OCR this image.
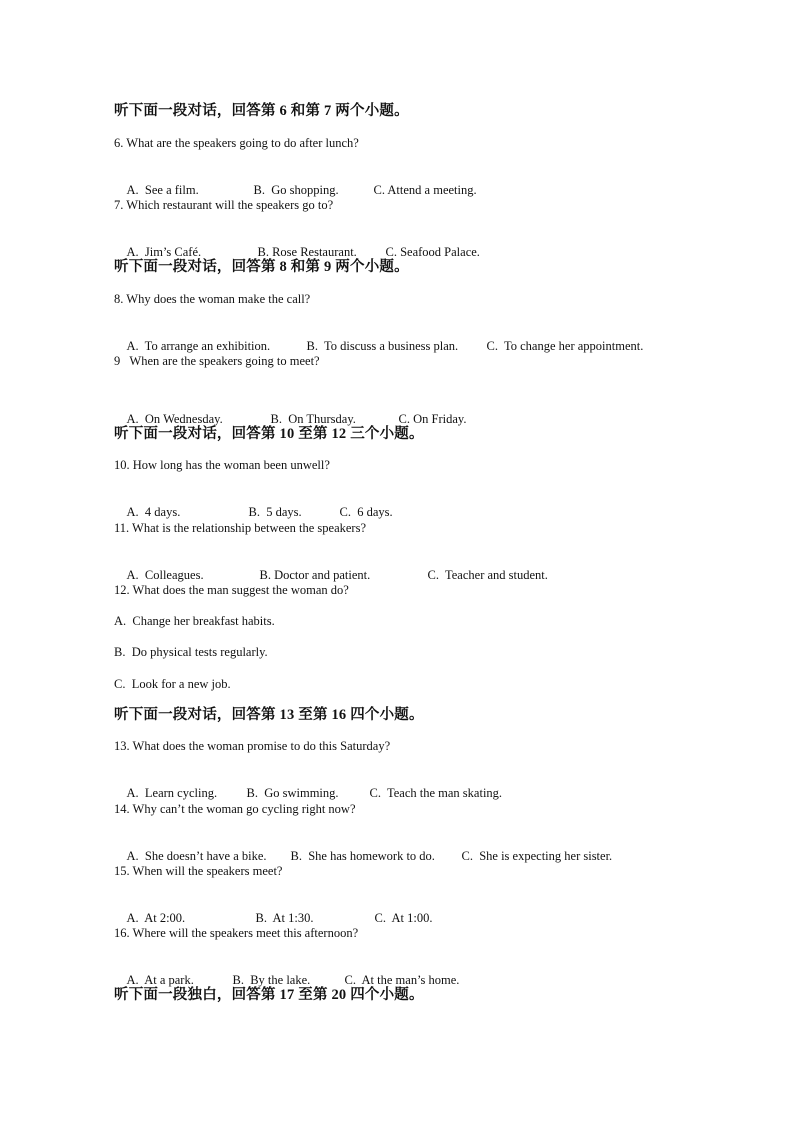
听下面一段对话，回答第 6 和第 7 两个小题。
6. What are the speakers going to do after lunch?

A.  See a film.	B.  Go shopping.	C. Attend a meeting.

7. Which restaurant will the speakers go to?

A.  Jim’s Café.	B. Rose Restaurant. C. Seafood Palace.

听下面一段对话，回答第 8 和第 9 两个小题。
8. Why does the woman make the call?

A.  To arrange an exhibition.	B.  To discuss a business plan. C.  To change her appointment.

9   When are the speakers going to meet?

A.  On Wednesday.	B.  On Thursday.	C. On Friday.

听下面一段对话，回答第 10 至第 12 三个小题。
10. How long has the woman been unwell?

A.  4 days.	B.  5 days.	C.  6 days.

11. What is the relationship between the speakers?

A.  Colleagues.	B. Doctor and patient.	C.  Teacher and student.

12. What does the man suggest the woman do?
A.  Change her breakfast habits.
B.  Do physical tests regularly.
C.  Look for a new job.
听下面一段对话，回答第 13 至第 16 四个小题。
13. What does the woman promise to do this Saturday?

A.  Learn cycling. B.  Go swimming. C.  Teach the man skating.

14. Why can’t the woman go cycling right now?

A.  She doesn’t have a bike. B.  She has homework to do. C.  She is expecting her sister.

15. When will the speakers meet?

A.  At 2:00.	B.  At 1:30.	C.  At 1:00.

16. Where will the speakers meet this afternoon?

A.  At a park.	B.  By the lake.	C.  At the man’s home.

听下面一段独白，回答第 17 至第 20 四个小题。
